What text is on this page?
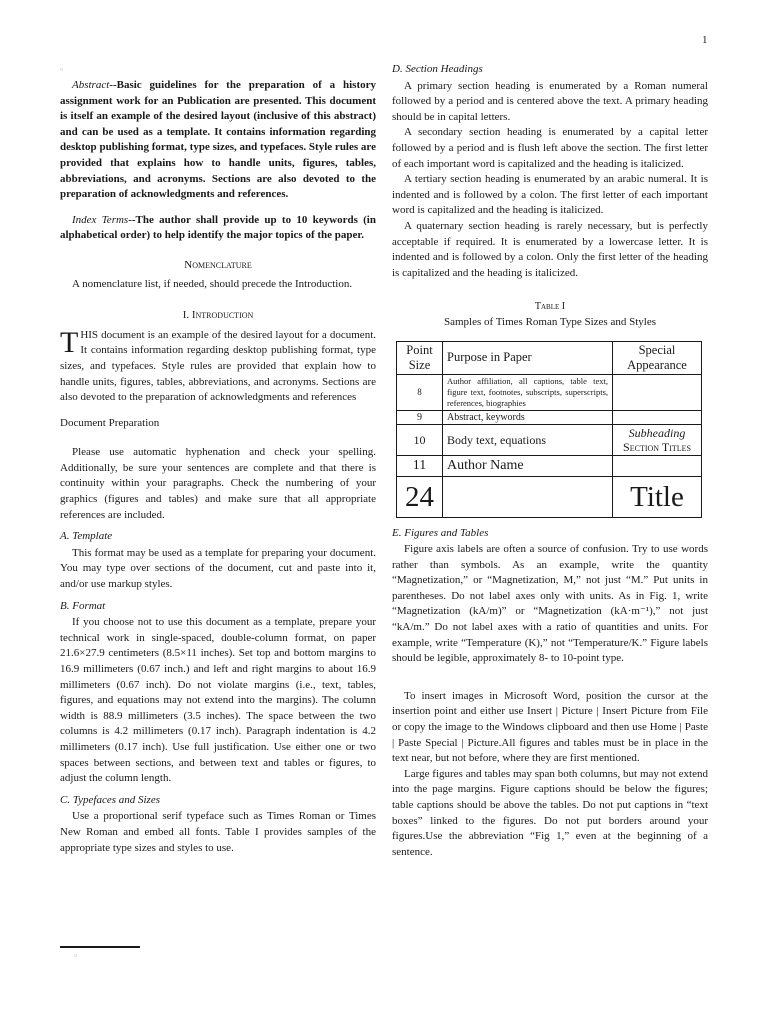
1
▫

Abstract--Basic guidelines for the preparation of a history assignment work for an Publication are presented. This document is itself an example of the desired layout (inclusive of this abstract) and can be used as a template. It contains information regarding desktop publishing format, type sizes, and typefaces. Style rules are provided that explains how to handle units, figures, tables, abbreviations, and acronyms. Sections are also devoted to the preparation of acknowledgments and references.

Index Terms--The author shall provide up to 10 keywords (in alphabetical order) to help identify the major topics of the paper.

Nomenclature

A nomenclature list, if needed, should precede the Introduction.

I. Introduction

THIS document is an example of the desired layout for a document. It contains information regarding desktop publishing format, type sizes, and typefaces. Style rules are provided that explain how to handle units, figures, tables, abbreviations, and acronyms. Sections are also devoted to the preparation of acknowledgments and references

Document Preparation

Please use automatic hyphenation and check your spelling. Additionally, be sure your sentences are complete and that there is continuity within your paragraphs. Check the numbering of your graphics (figures and tables) and make sure that all appropriate references are included.

A. Template

This format may be used as a template for preparing your document. You may type over sections of the document, cut and paste into it, and/or use markup styles.

B. Format

If you choose not to use this document as a template, prepare your technical work in single-spaced, double-column format, on paper 21.6×27.9 centimeters (8.5×11 inches). Set top and bottom margins to 16.9 millimeters (0.67 inch.) and left and right margins to about 16.9 millimeters (0.67 inch). Do not violate margins (i.e., text, tables, figures, and equations may not extend into the margins). The column width is 88.9 millimeters (3.5 inches). The space between the two columns is 4.2 millimeters (0.17 inch). Paragraph indentation is 4.2 millimeters (0.17 inch). Use full justification. Use either one or two spaces between sections, and between text and tables or figures, to adjust the column length.

C. Typefaces and Sizes

Use a proportional serif typeface such as Times Roman or Times New Roman and embed all fonts. Table I provides samples of the appropriate type sizes and styles to use.

▫
D. Section Headings

A primary section heading is enumerated by a Roman numeral followed by a period and is centered above the text. A primary heading should be in capital letters.

A secondary section heading is enumerated by a capital letter followed by a period and is flush left above the section. The first letter of each important word is capitalized and the heading is italicized.

A tertiary section heading is enumerated by an arabic numeral. It is indented and is followed by a colon. The first letter of each important word is capitalized and the heading is italicized.

A quaternary section heading is rarely necessary, but is perfectly acceptable if required. It is enumerated by a lowercase letter. It is indented and is followed by a colon. Only the first letter of the heading is capitalized and the heading is italicized.

Table I
Samples of Times Roman Type Sizes and Styles
Point Size	Purpose in Paper	Special Appearance
8	Author affiliation, all captions, table text, figure text, footnotes, subscripts, superscripts, references, biographies	
9	Abstract, keywords	
10	Body text, equations	Subheading
Section Titles

11	Author Name	
24		Title
E. Figures and Tables

Figure axis labels are often a source of confusion. Try to use words rather than symbols. As an example, write the quantity “Magnetization,” or “Magnetization, M,” not just “M.” Put units in parentheses. Do not label axes only with units. As in Fig. 1, write “Magnetization (kA/m)” or “Magnetization (kA·m⁻¹),” not just “kA/m.” Do not label axes with a ratio of quantities and units. For example, write “Temperature (K),” not “Temperature/K.” Figure labels should be legible, approximately 8- to 10-point type.

To insert images in Microsoft Word, position the cursor at the insertion point and either use Insert | Picture | Insert Picture from File or copy the image to the Windows clipboard and then use Home | Paste | Paste Special | Picture.All figures and tables must be in place in the text near, but not before, where they are first mentioned.

Large figures and tables may span both columns, but may not extend into the page margins. Figure captions should be below the figures; table captions should be above the tables. Do not put captions in “text boxes” linked to the figures. Do not put borders around your figures.Use the abbreviation “Fig 1,” even at the beginning of a sentence.
